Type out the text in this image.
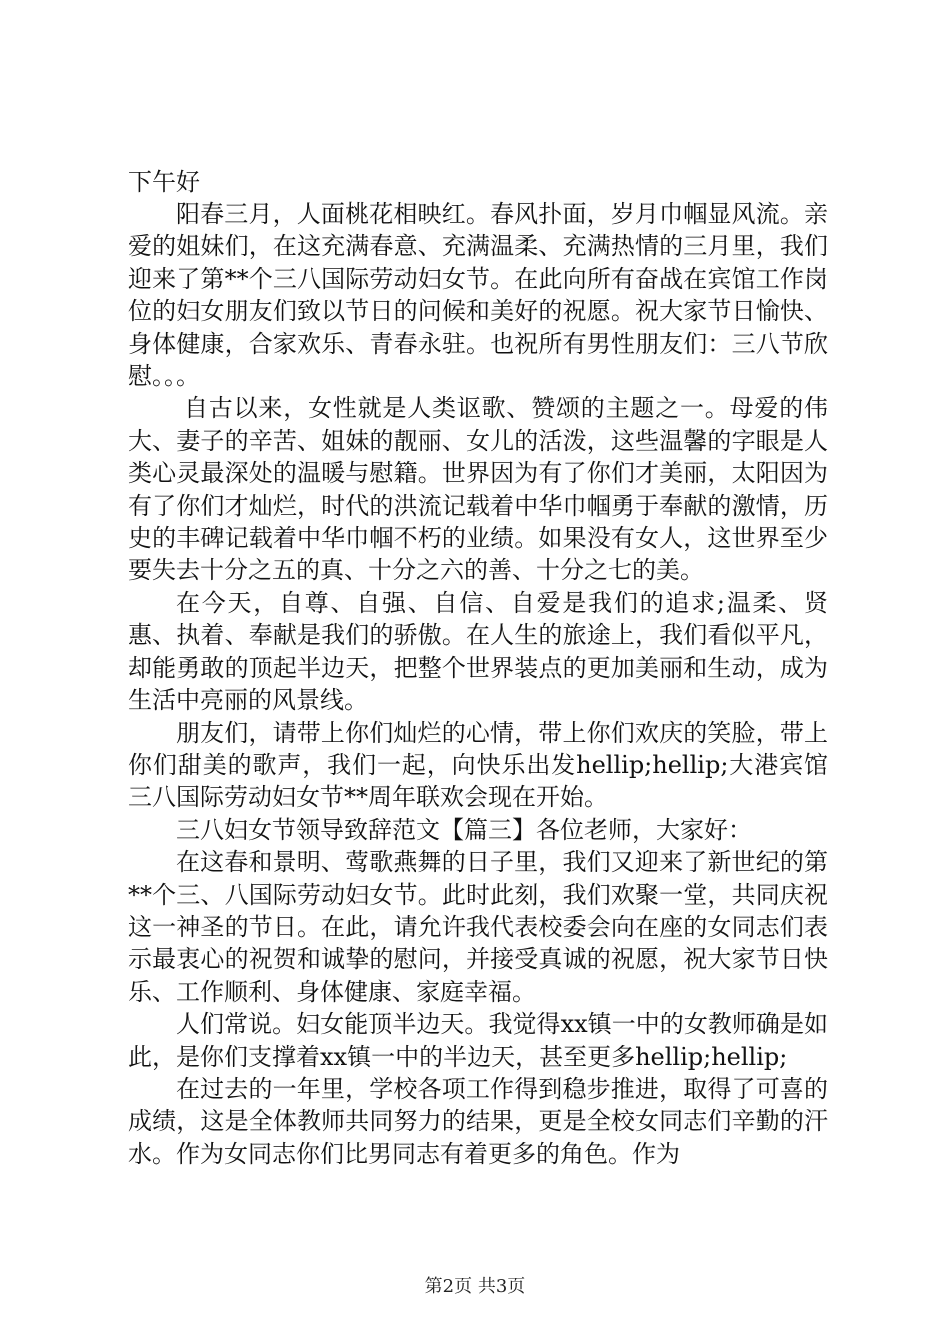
下午好

阳春三月，人面桃花相映红。春风扑面，岁月巾帼显风流。亲爱的姐妹们，在这充满春意、充满温柔、充满热情的三月里，我们迎来了第**个三八国际劳动妇女节。在此向所有奋战在宾馆工作岗位的妇女朋友们致以节日的问候和美好的祝愿。祝大家节日愉快、身体健康，合家欢乐、青春永驻。也祝所有男性朋友们：三八节欣慰。。。

自古以来，女性就是人类讴歌、赞颂的主题之一。母爱的伟大、妻子的辛苦、姐妹的靓丽、女儿的活泼，这些温馨的字眼是人类心灵最深处的温暖与慰籍。世界因为有了你们才美丽，太阳因为有了你们才灿烂，时代的洪流记载着中华巾帼勇于奉献的激情，历史的丰碑记载着中华巾帼不朽的业绩。如果没有女人，这世界至少要失去十分之五的真、十分之六的善、十分之七的美。

在今天，自尊、自强、自信、自爱是我们的追求;温柔、贤惠、执着、奉献是我们的骄傲。在人生的旅途上，我们看似平凡，却能勇敢的顶起半边天，把整个世界装点的更加美丽和生动，成为生活中亮丽的风景线。

朋友们，请带上你们灿烂的心情，带上你们欢庆的笑脸，带上你们甜美的歌声，我们一起，向快乐出发hellip;hellip;大港宾馆三八国际劳动妇女节**周年联欢会现在开始。

三八妇女节领导致辞范文【篇三】各位老师，大家好：

在这春和景明、莺歌燕舞的日子里，我们又迎来了新世纪的第**个三、八国际劳动妇女节。此时此刻，我们欢聚一堂，共同庆祝这一神圣的节日。在此，请允许我代表校委会向在座的女同志们表示最衷心的祝贺和诚挚的慰问，并接受真诚的祝愿，祝大家节日快乐、工作顺利、身体健康、家庭幸福。

人们常说。妇女能顶半边天。我觉得xx镇一中的女教师确是如此，是你们支撑着xx镇一中的半边天，甚至更多hellip;hellip;

在过去的一年里，学校各项工作得到稳步推进，取得了可喜的成绩，这是全体教师共同努力的结果，更是全校女同志们辛勤的汗水。作为女同志你们比男同志有着更多的角色。作为

第2页 共3页
